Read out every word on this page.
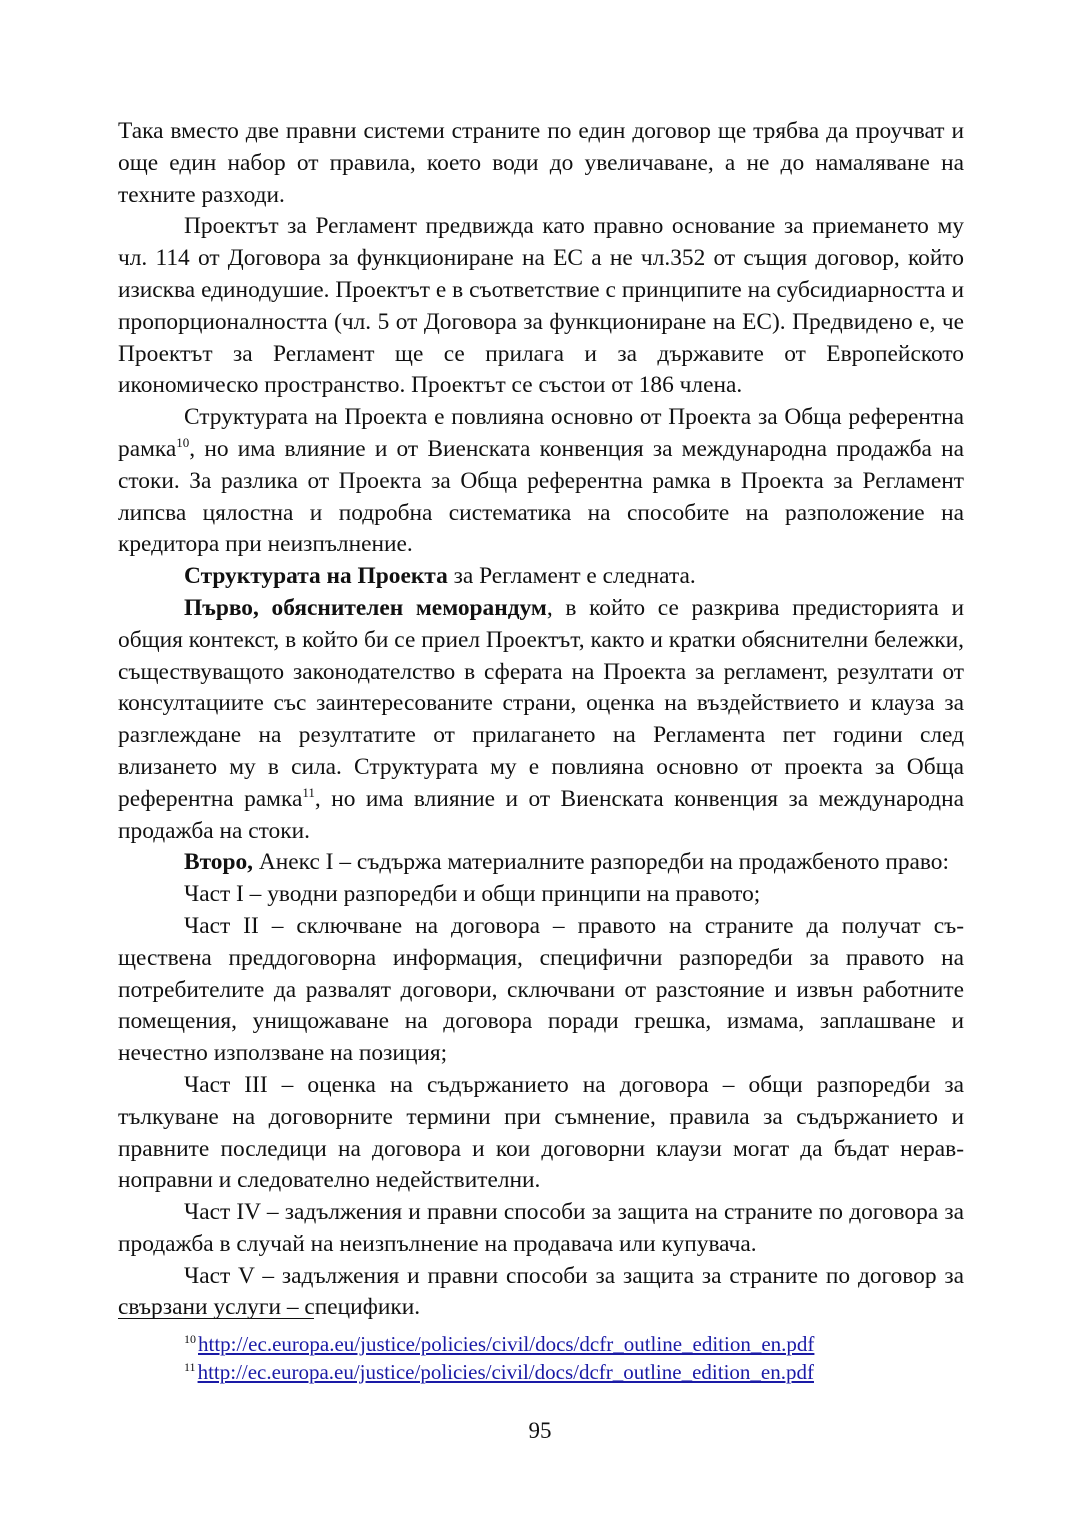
Така вместо две правни системи страните по един договор ще трябва да проучват и още един набор от правила, което води до увеличаване, а не до намаляване на техните разходи.

Проектът за Регламент предвижда като правно основание за приемането му чл. 114 от Договора за функциониране на ЕС а не чл.352 от същия договор, който изисква единодушие. Проектът е в съответствие с принципите на субсидиарността и пропорционалността (чл. 5 от Договора за функциониране на ЕС). Предвидено е, че Проектът за Регламент ще се прилага и за държавите от Европейското икономическо пространство. Проектът се състои от 186 члена.

Структурата на Проекта е повлияна основно от Проекта за Обща референтна рамка$^{10}$, но има влияние и от Виенската конвенция за международна продажба на стоки. За разлика от Проекта за Обща референтна рамка в Проекта за Регламент липсва цялостна и подробна систематика на способите на разположение на кредитора при неизпълнение.

Структурата на Проекта за Регламент е следната.

Първо, обяснителен меморандум, в който се разкрива предисторията и общия контекст, в който би се приел Проектът, както и кратки обяснителни бележки, съществуващото законодателство в сферата на Проекта за регламент, резултати от консултациите със заинтересованите страни, оценка на въздействието и клауза за разглеждане на резултатите от прилагането на Регламента пет години след влизането му в сила. Структурата му е повлияна основно от проекта за Обща референтна рамка$^{11}$, но има влияние и от Виенската конвенция за международна продажба на стоки.

Второ, Анекс I – съдържа материалните разпоредби на продажбеното право:

Част I – уводни разпоредби и общи принципи на правото;

Част II – сключване на договора – правото на страните да получат съществена преддоговорна информация, специфични разпоредби за правото на потребителите да развалят договори, сключвани от разстояние и извън работните помещения, унищожаване на договора поради грешка, измама, заплашване и нечестно използване на позиция;

Част III – оценка на съдържанието на договора – общи разпоредби за тълкуване на договорните термини при съмнение, правила за съдържанието и правните последици на договора и кои договорни клаузи могат да бъдат неравноправни и следователно недействителни.

Част IV – задължения и правни способи за защита на страните по договора за продажба в случай на неизпълнение на продавача или купувача.

Част V – задължения и правни способи за защита за страните по договор за свързани услуги – специфики.

$^{10}$http://ec.europa.eu/justice/policies/civil/docs/dcfr_outline_edition_en.pdf

$^{11}$http://ec.europa.eu/justice/policies/civil/docs/dcfr_outline_edition_en.pdf

95
